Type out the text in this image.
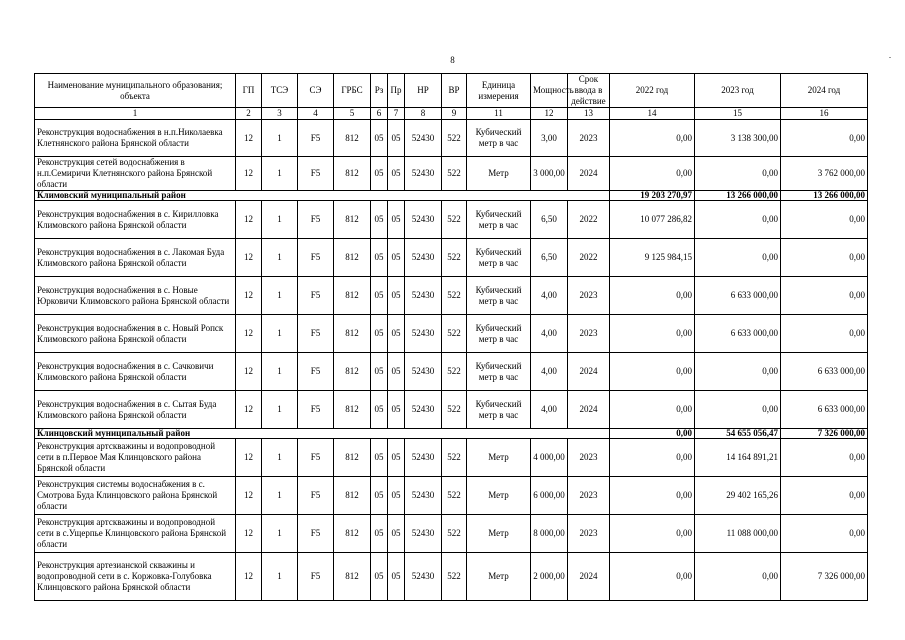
8
Наименование муниципального образования; объекта	ГП	ТСЭ	СЭ	ГРБС	Рз	Пр	НР	ВР	Единица измерения	Мощность	Срок ввода в действие	2022 год	2023 год	2024 год
1	2	3	4	5	6	7	8	9	11	12	13	14	15	16
Реконструкция водоснабжения в н.п.Николаевка Клетнянского района Брянской области	12	1	F5	812	05	05	52430	522	Кубический метр в час	3,00	2023	0,00	3 138 300,00	0,00
Реконструкция сетей водоснабжения в н.п.Семиричи Клетнянского района Брянской области	12	1	F5	812	05	05	52430	522	Метр	3 000,00	2024	0,00	0,00	3 762 000,00
Климовский муниципальный район												19 203 270,97	13 266 000,00	13 266 000,00
Реконструкция водоснабжения в с. Кирилловка Климовского района Брянской области	12	1	F5	812	05	05	52430	522	Кубический метр в час	6,50	2022	10 077 286,82	0,00	0,00
Реконструкция водоснабжения в с. Лакомая Буда Климовского района Брянской области	12	1	F5	812	05	05	52430	522	Кубический метр в час	6,50	2022	9 125 984,15	0,00	0,00
Реконструкция водоснабжения в с. Новые Юрковичи Климовского района Брянской области	12	1	F5	812	05	05	52430	522	Кубический метр в час	4,00	2023	0,00	6 633 000,00	0,00
Реконструкция водоснабжения в с. Новый Ропск Климовского района Брянской области	12	1	F5	812	05	05	52430	522	Кубический метр в час	4,00	2023	0,00	6 633 000,00	0,00
Реконструкция водоснабжения в с. Сачковичи Климовского района Брянской области	12	1	F5	812	05	05	52430	522	Кубический метр в час	4,00	2024	0,00	0,00	6 633 000,00
Реконструкция водоснабжения в с. Сытая Буда Климовского района Брянской области	12	1	F5	812	05	05	52430	522	Кубический метр в час	4,00	2024	0,00	0,00	6 633 000,00
Клинцовский муниципальный район												0,00	54 655 056,47	7 326 000,00
Реконструкция артскважины и водопроводной сети в п.Первое Мая Клинцовского района Брянской области	12	1	F5	812	05	05	52430	522	Метр	4 000,00	2023	0,00	14 164 891,21	0,00
Реконструкция системы водоснабжения в с. Смотрова Буда Клинцовского района Брянской области	12	1	F5	812	05	05	52430	522	Метр	6 000,00	2023	0,00	29 402 165,26	0,00
Реконструкция артскважины и водопроводной сети в с.Ущерпье Клинцовского района Брянской области	12	1	F5	812	05	05	52430	522	Метр	8 000,00	2023	0,00	11 088 000,00	0,00
Реконструкция артезианской скважины и водопроводной сети в с. Коржовка-Голубовка Клинцовского района Брянской области	12	1	F5	812	05	05	52430	522	Метр	2 000,00	2024	0,00	0,00	7 326 000,00
